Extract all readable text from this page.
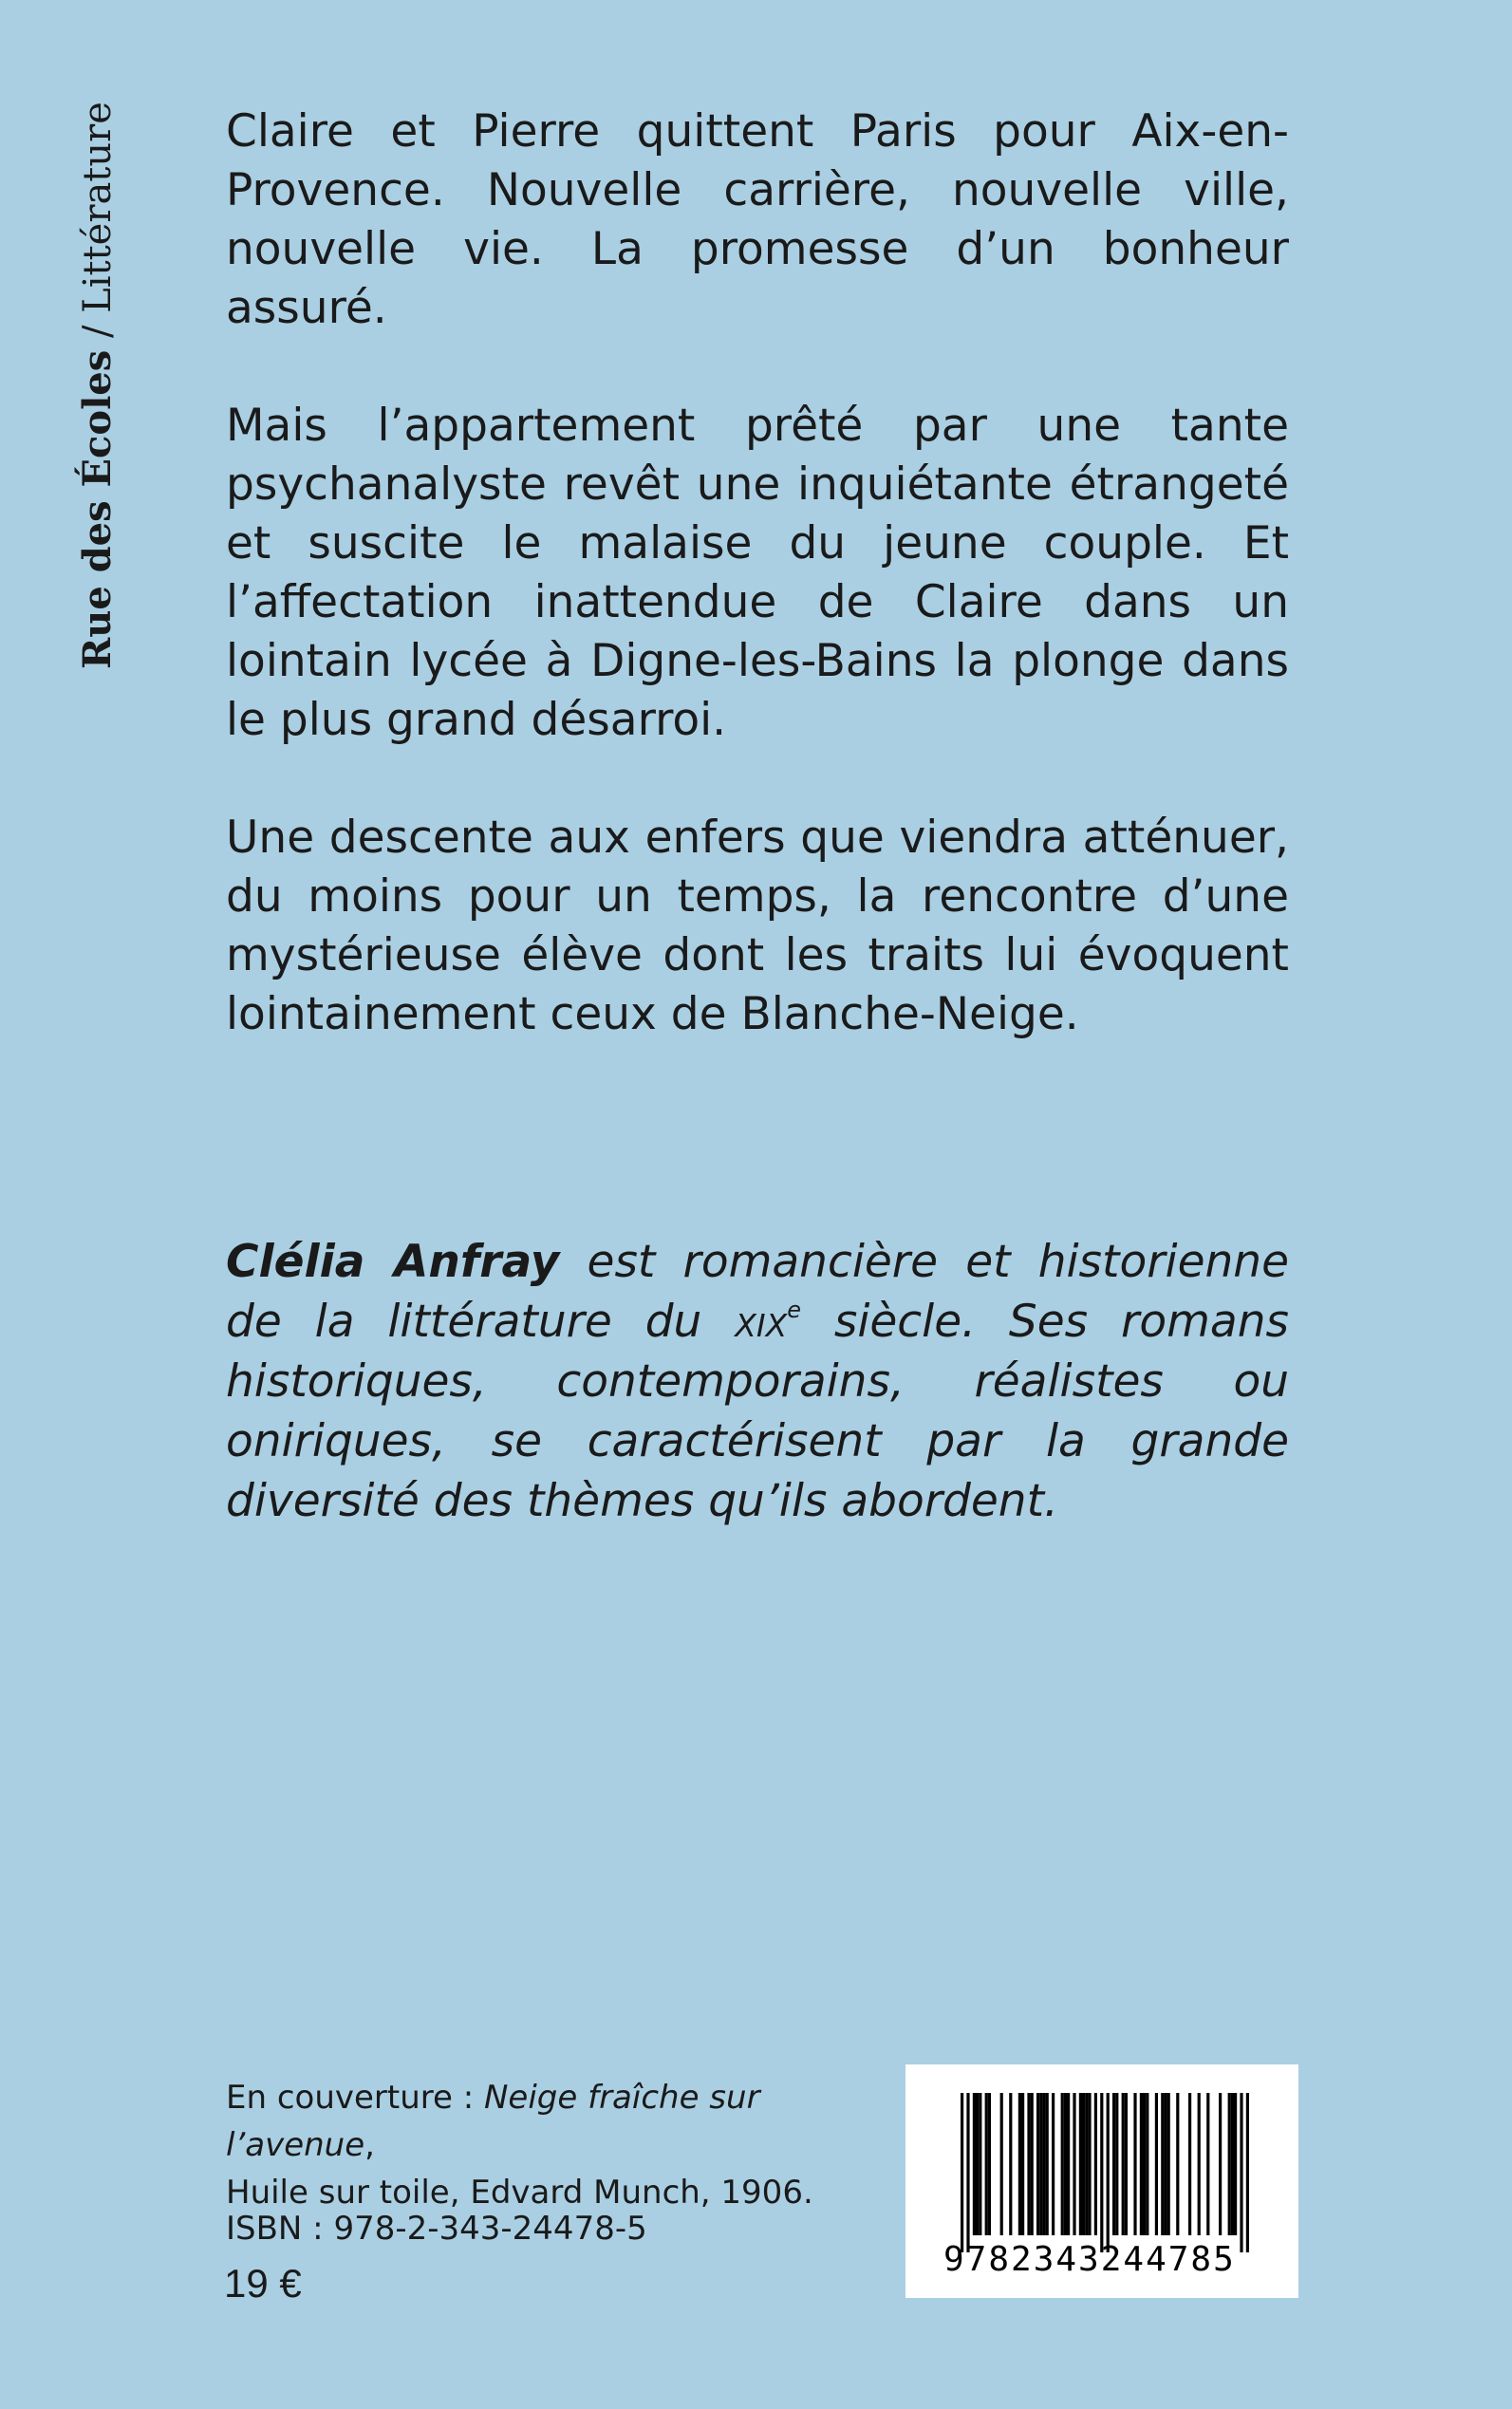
Rue des Écoles / Littérature Claire et Pierre quittent Paris pour Aix-en-Provence. Nouvelle carrière, nouvelle ville, nouvelle vie. La promesse d’un bonheur assuré.

Mais l’appartement prêté par une tante psychanalyste revêt une inquiétante étrangeté et suscite le malaise du jeune couple. Et l’affectation inattendue de Claire dans un lointain lycée à Digne-les-Bains la plonge dans le plus grand désarroi.

Une descente aux enfers que viendra atténuer, du moins pour un temps, la rencontre d’une mystérieuse élève dont les traits lui évoquent lointainement ceux de Blanche-Neige.

Clélia Anfray est romancière et historienne de la littérature du xix$^e$ siècle. Ses romans historiques, contemporains, réalistes ou oniriques, se caractérisent par la grande diversité des thèmes qu’ils abordent.

En couverture : Neige fraîche sur l’avenue,
Huile sur toile, Edvard Munch, 1906.
ISBN : 978-2-343-24478-5
19 €
9782343244785
